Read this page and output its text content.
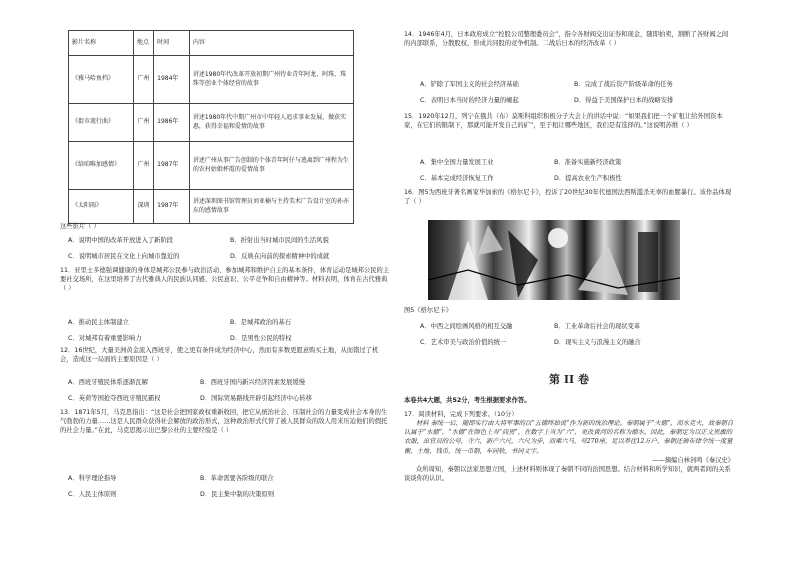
影片名称	地点	时间	内容
《雅马哈鱼档》	广州	1984年	讲述1980年代改革开放初期广州待业青年阿龙、阿珠、珠珠等创业个体经营的故事
《街市流行曲》	广州	1986年	讲述1980年代中期广州市中年轻人追求事业发展，做获实惠，获得幸福和爱情的故事
《给咱唯加感情》	广州	1987年	讲述广州从事广告创制的个体青年阿仔与逃离到广州程为生的农村姑娘杯霞的爱情故事
《太阳雨》	深圳	1987年	讲述深圳图书馆管理员刘亚楠与主持美术广告设计室的孙亦东的感情故事
这些影片（ ）
A．说明中国的改革开放进入了新阶段	B．折射出当时城市民间的生活风貌
C．说明城市居民在文化上向城市靠近的	D．反映在向前的探索精神中的成就
11．亚里士多德强调健康的身体是城邦公民参与政治活动、参加城邦和维护自主的基本条件，体育运动是城邦公民的主要社交场所，在这里培养了古代雅典人的民族认同感、公民意识、公平竞争和自由精神等。材料表明，体育在古代雅典（ ）
A．推动民主体制建立	B．是城邦政治的基石
C．对城邦有着重要影响力	D．是男性公民的特权
12．16世纪，大量美洲黄金流入西班牙，使之更有条件成为经济中心，然而有多数更愿意购买土地，从而错过了机会，造成这一局面的主要原因是（ ）
A．西班牙殖民体系逐渐瓦解	B．西班牙国内新兴经济因素发展缓慢
C．英荷等国抢夺西班牙殖民霸权	D．国际贸易路线开辟引起经济中心转移
13．1871年5月，马克思指出：“这是社会把国家政权重新收回，把它从统治社会、压制社会的力量变成社会本身的生气勃勃的力量……这是人民群众获得社会解放的政治形式，这种政治形式代替了被人民群众的敌人用来压迫他们的假托的社会力量。”在此，马克思揭示出巴黎公社的主要经验是（ ）
A．科学理论指导	B．革命需要各阶级的联合
C．人民主体原则	D．民主集中制的决策原则
14．1946年4月，日本政府成立“控股公司整理委员会”，指令各财阀交出证券和现金，随即拍卖，割断了各财阀之间的内部联系，分散股权，形成共同股的竞争机制。二战后日本的经济改革（ ）
A．铲除了军国主义的社会经济基础	B．完成了战后资产阶级革命的任务
C．表明日本当时的经济力量的崛起	D．得益于美国保护日本的战略安排
15．1920年12月，列宁在俄共（布）莫斯科组织积极分子大会上的讲话中说：“如果我们把一个矿租让给外国资本家，在它们的限制下，那就可能开发自己的矿”，至于租让哪些地区，我们是有选择的。”这说明苏维（ ）
A．集中全国力量发展工业	B．准备实施新经济政策
C．基本完成经济恢复工作	D．提高农业生产积极性
16．图5为西班牙著名画家毕加索的《格尔尼卡》，控诉了20世纪30年代德国法西斯滥杀无辜的血腥暴行。该作品体现了（ ）
图5《格尔尼卡》
A．中西之间绘画风格的相互交融	B．工业革命后社会的现状变革
C．艺术审美与政治价值的统一	D．现实主义与浪漫主义的融合
第 II 卷
本卷共4大题，共52分，考生根据要求作答。
17．阅读材料，完成下列要求。（10分）
材料 秦统一后，随即实行由大将军事的以“五德终始说”作为新的统治理论。秦朝属于“火德”，而水克火，故秦朝自认属于“水德”，“水德”在颜色上当“尚黑”，在数字上当为“六”，更改黄河的名称为德水。因此，秦朝定为以正文黑旗的衣服，出官员的公号，寺六，新产六尺，六尺为步，而乘六马，号270座，足以养住12万户。秦朝还颁布律令统一度量衡，土地、钱币，统一币制，车同轨，书同文字。
——摘编自林剑鸣《秦汉史》
众所周知，秦朝以法家思想立国，上述材料则体现了秦朝不同的治国思想。结合材料和所学知识，就两者间的关系谈谈你的认识。
